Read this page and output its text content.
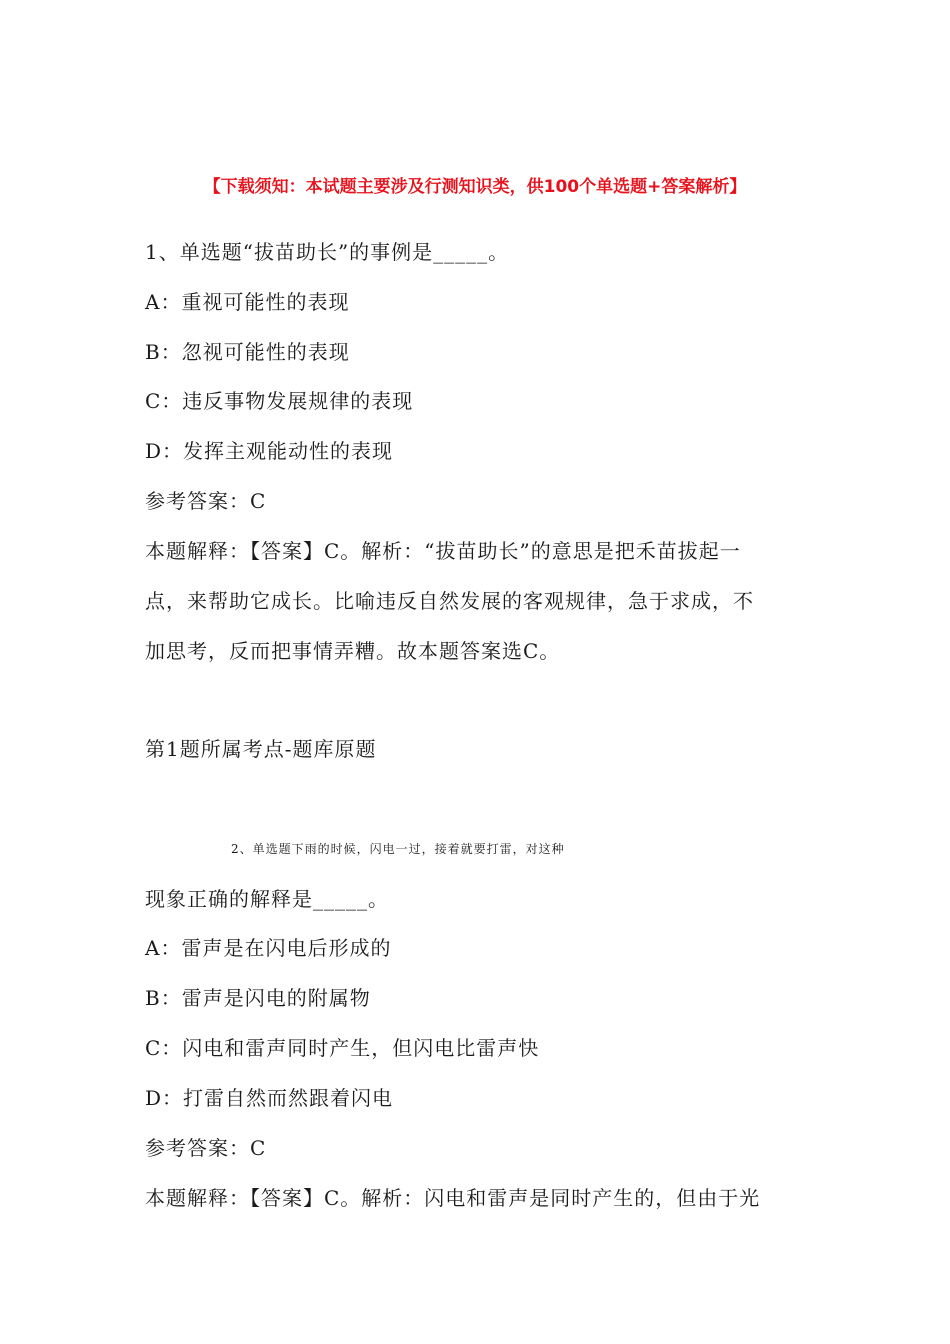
【下载须知：本试题主要涉及行测知识类，供100个单选题+答案解析】
1、单选题“拔苗助长”的事例是_____。
A：重视可能性的表现
B：忽视可能性的表现
C：违反事物发展规律的表现
D：发挥主观能动性的表现
参考答案：C
本题解释：【答案】C。解析：“拔苗助长”的意思是把禾苗拔起一
点，来帮助它成长。比喻违反自然发展的客观规律，急于求成，不
加思考，反而把事情弄糟。故本题答案选C。
第1题所属考点-题库原题
2、单选题下雨的时候，闪电一过，接着就要打雷，对这种
现象正确的解释是_____。
A：雷声是在闪电后形成的
B：雷声是闪电的附属物
C：闪电和雷声同时产生，但闪电比雷声快
D：打雷自然而然跟着闪电
参考答案：C
本题解释：【答案】C。解析：闪电和雷声是同时产生的，但由于光
